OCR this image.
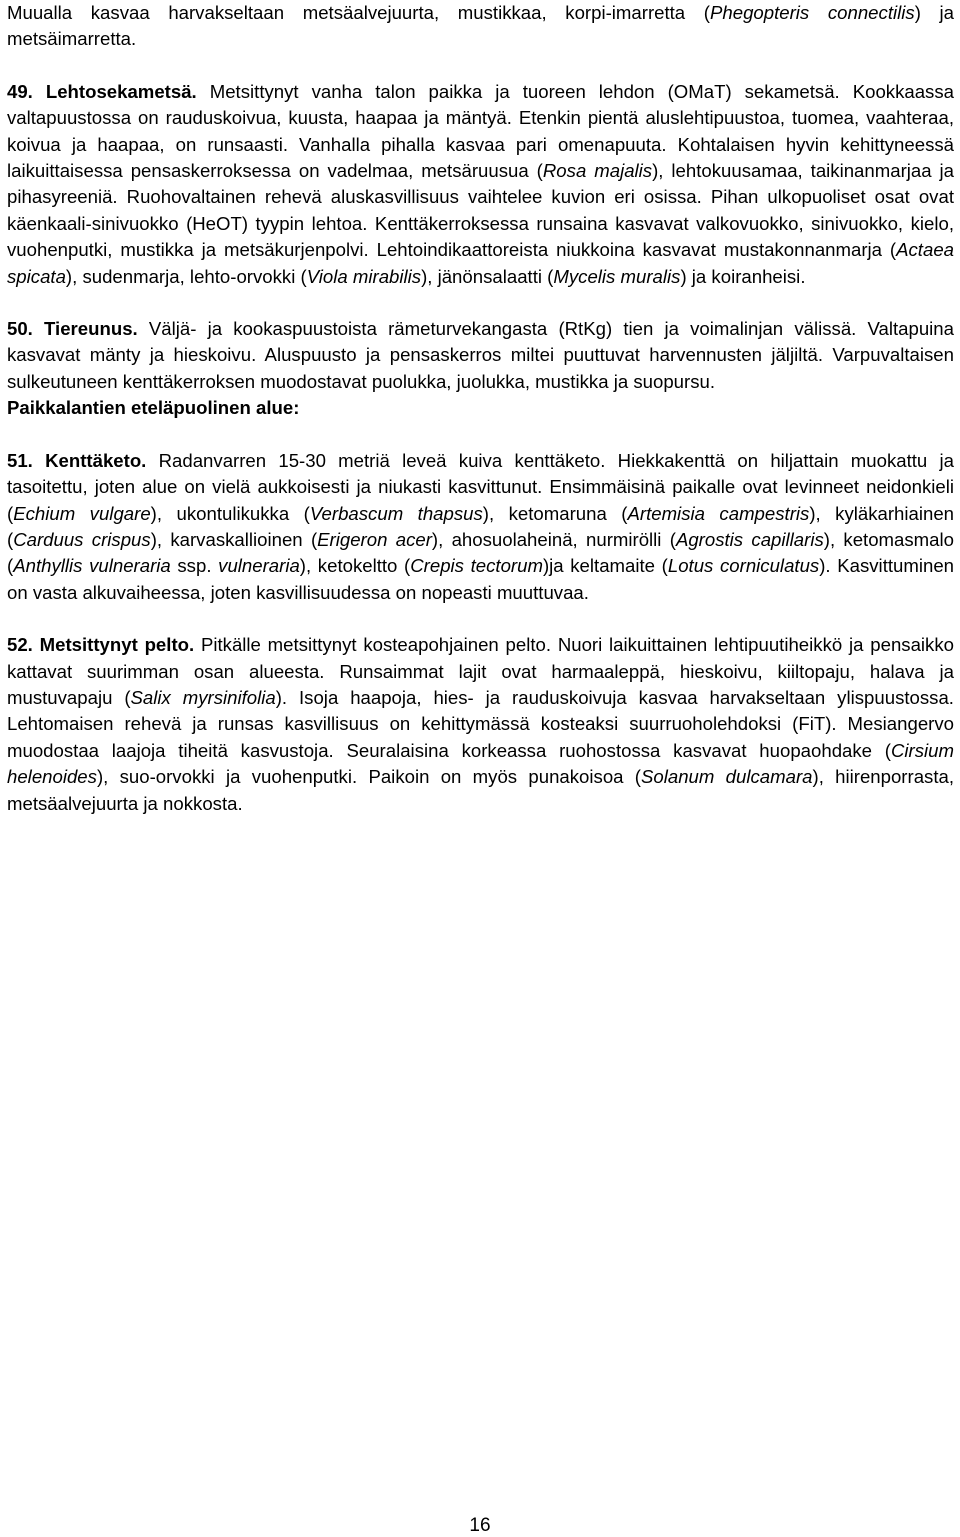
Muualla kasvaa harvakseltaan metsäalvejuurta, mustikkaa, korpi-imarretta (Phegopteris connectilis) ja metsäimarretta.

49. Lehtosekametsä. Metsittynyt vanha talon paikka ja tuoreen lehdon (OMaT) sekametsä. Kookkaassa valtapuustossa on rauduskoivua, kuusta, haapaa ja mäntyä. Etenkin pientä aluslehtipuustoa, tuomea, vaahteraa, koivua ja haapaa, on runsaasti. Vanhalla pihalla kasvaa pari omenapuuta. Kohtalaisen hyvin kehittyneessä laikuittaisessa pensaskerroksessa on vadelmaa, metsäruusua (Rosa majalis), lehtokuusamaa, taikinanmarjaa ja pihasyreeniä. Ruohovaltainen rehevä aluskasvillisuus vaihtelee kuvion eri osissa. Pihan ulkopuoliset osat ovat käenkaali-sinivuokko (HeOT) tyypin lehtoa. Kenttäkerroksessa runsaina kasvavat valkovuokko, sinivuokko, kielo, vuohenputki, mustikka ja metsäkurjenpolvi. Lehtoindikaattoreista niukkoina kasvavat mustakonnanmarja (Actaea spicata), sudenmarja, lehto-orvokki (Viola mirabilis), jänönsalaatti (Mycelis muralis) ja koiranheisi.

50. Tiereunus. Väljä- ja kookaspuustoista rämeturvekangasta (RtKg) tien ja voimalinjan välissä. Valtapuina kasvavat mänty ja hieskoivu. Aluspuusto ja pensaskerros miltei puuttuvat harvennusten jäljiltä. Varpuvaltaisen sulkeutuneen kenttäkerroksen muodostavat puolukka, juolukka, mustikka ja suopursu.

Paikkalantien eteläpuolinen alue:

51. Kenttäketo. Radanvarren 15-30 metriä leveä kuiva kenttäketo. Hiekkakenttä on hiljattain muokattu ja tasoitettu, joten alue on vielä aukkoisesti ja niukasti kasvittunut. Ensimmäisinä paikalle ovat levinneet neidonkieli (Echium vulgare), ukontulikukka (Verbascum thapsus), ketomaruna (Artemisia campestris), kyläkarhiainen (Carduus crispus), karvaskallioinen (Erigeron acer), ahosuolaheinä, nurmirölli (Agrostis capillaris), ketomasmalo (Anthyllis vulneraria ssp. vulneraria), ketokeltto (Crepis tectorum)ja keltamaite (Lotus corniculatus). Kasvittuminen on vasta alkuvaiheessa, joten kasvillisuudessa on nopeasti muuttuvaa.

52. Metsittynyt pelto. Pitkälle metsittynyt kosteapohjainen pelto. Nuori laikuittainen lehtipuutiheikkö ja pensaikko kattavat suurimman osan alueesta. Runsaimmat lajit ovat harmaaleppä, hieskoivu, kiiltopaju, halava ja mustuvapaju (Salix myrsinifolia). Isoja haapoja, hies- ja rauduskoivuja kasvaa harvakseltaan ylispuustossa. Lehtomaisen rehevä ja runsas kasvillisuus on kehittymässä kosteaksi suurruoholehdoksi (FiT). Mesiangervo muodostaa laajoja tiheitä kasvustoja. Seuralaisina korkeassa ruohostossa kasvavat huopaohdake (Cirsium helenoides), suo-orvokki ja vuohenputki. Paikoin on myös punakoisoa (Solanum dulcamara), hiirenporrasta, metsäalvejuurta ja nokkosta.

16
